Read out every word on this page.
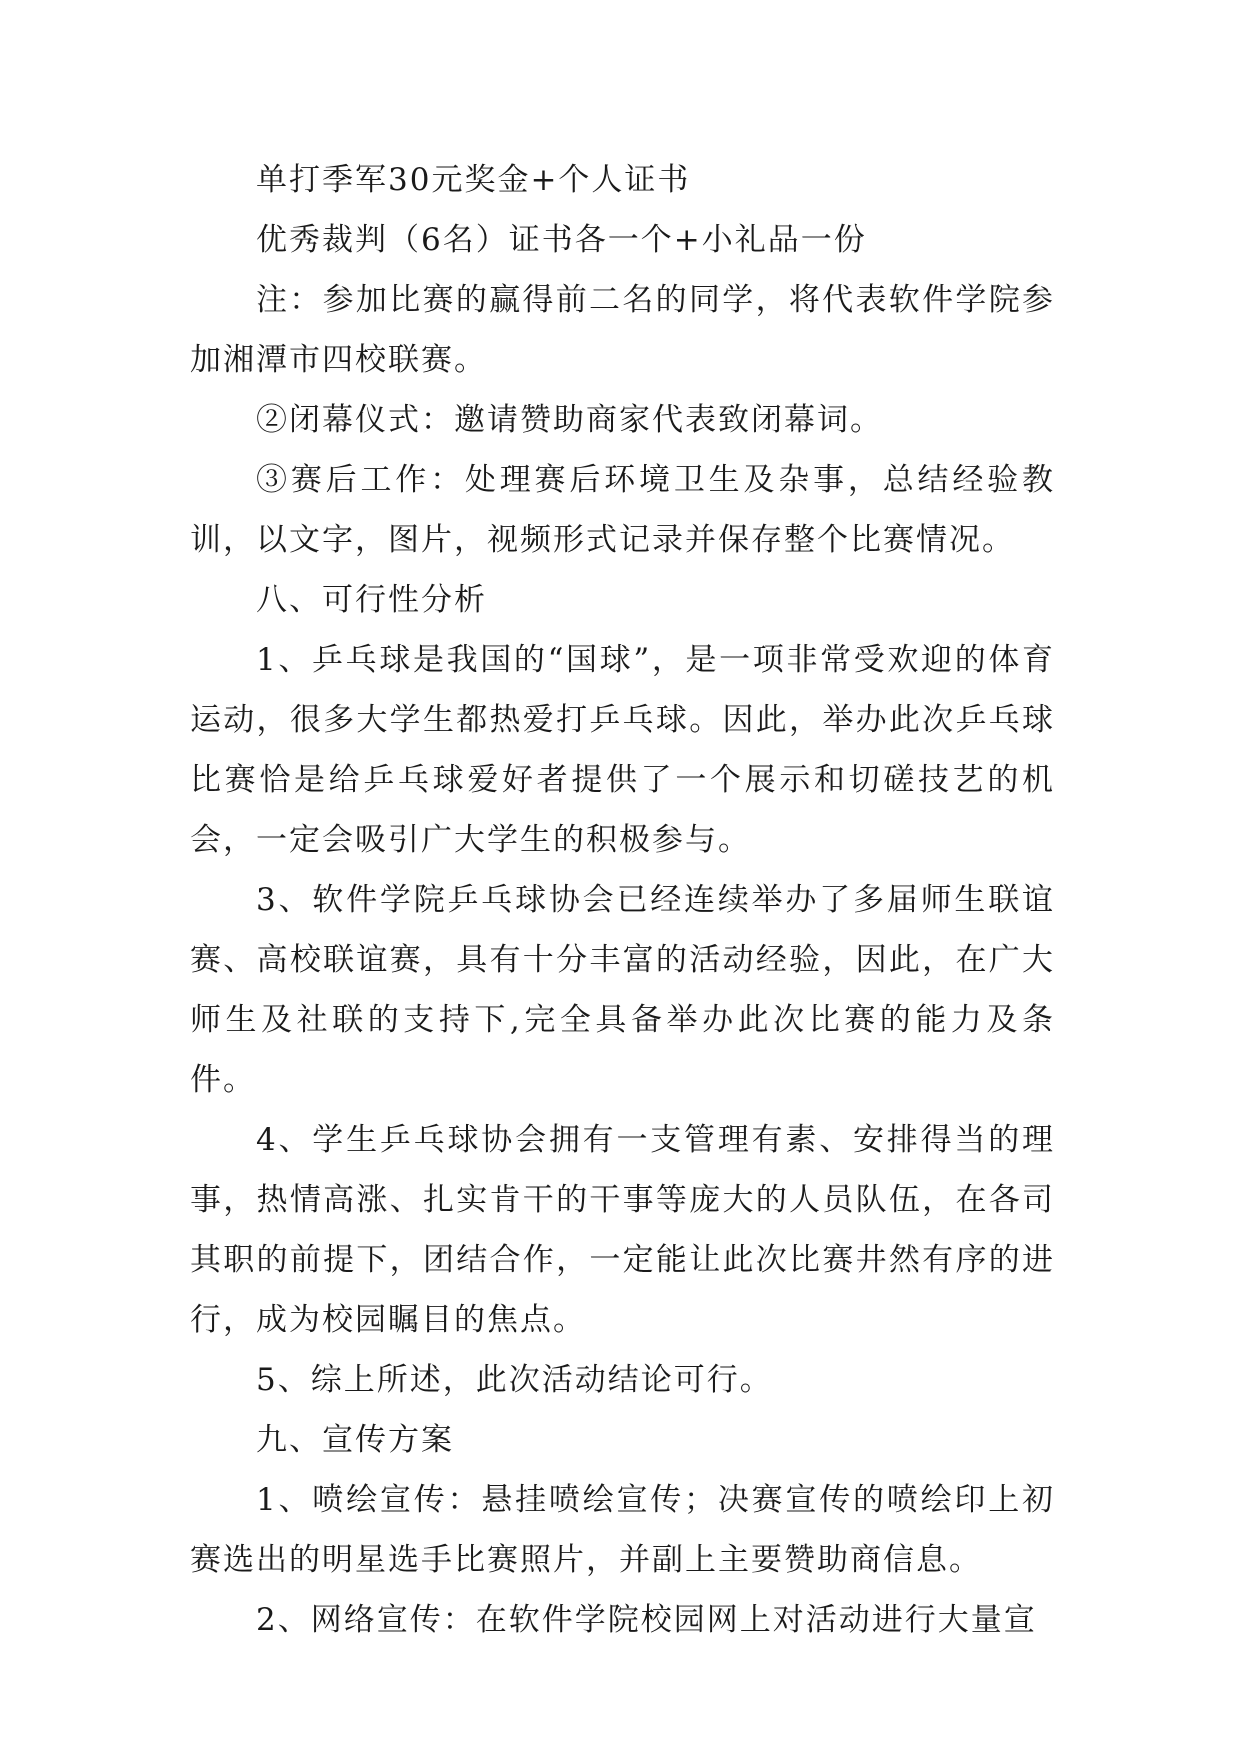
单打季军30元奖金+个人证书

优秀裁判（6名）证书各一个+小礼品一份

注：参加比赛的赢得前二名的同学，将代表软件学院参加湘潭市四校联赛。

②闭幕仪式：邀请赞助商家代表致闭幕词。

③赛后工作：处理赛后环境卫生及杂事，总结经验教训，以文字，图片，视频形式记录并保存整个比赛情况。

八、可行性分析

1、乒乓球是我国的“国球”，是一项非常受欢迎的体育运动，很多大学生都热爱打乒乓球。因此，举办此次乒乓球比赛恰是给乒乓球爱好者提供了一个展示和切磋技艺的机会，一定会吸引广大学生的积极参与。

3、软件学院乒乓球协会已经连续举办了多届师生联谊赛、高校联谊赛，具有十分丰富的活动经验，因此，在广大师生及社联的支持下,完全具备举办此次比赛的能力及条件。

4、学生乒乓球协会拥有一支管理有素、安排得当的理事，热情高涨、扎实肯干的干事等庞大的人员队伍，在各司其职的前提下，团结合作，一定能让此次比赛井然有序的进行，成为校园瞩目的焦点。

5、综上所述，此次活动结论可行。

九、宣传方案

1、喷绘宣传：悬挂喷绘宣传；决赛宣传的喷绘印上初赛选出的明星选手比赛照片，并副上主要赞助商信息。

2、网络宣传：在软件学院校园网上对活动进行大量宣
